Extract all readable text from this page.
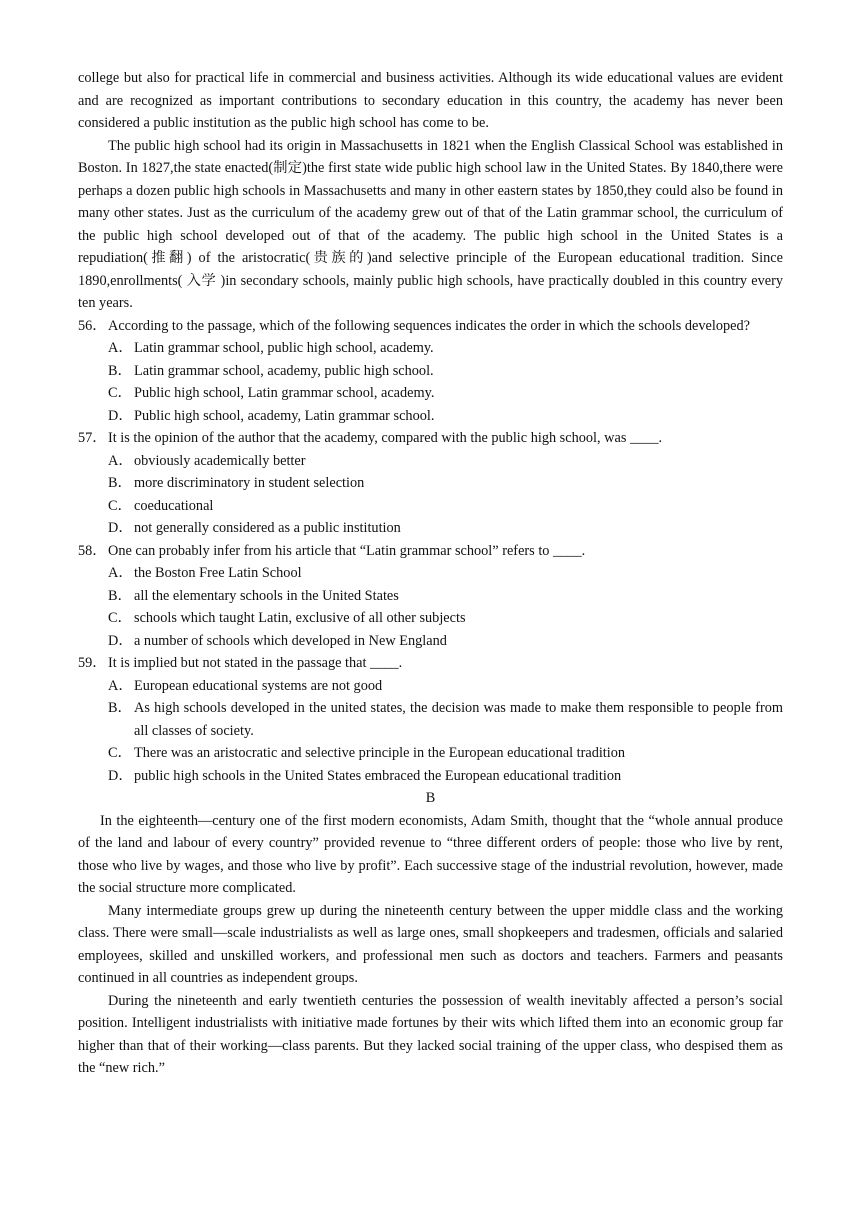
college but also for practical life in commercial and business activities. Although its wide educational values are evident and are recognized as important contributions to secondary education in this country, the academy has never been considered a public institution as the public high school has come to be.

The public high school had its origin in Massachusetts in 1821 when the English Classical School was established in Boston. In 1827,the state enacted(制定)the first state wide public high school law in the United States. By 1840,there were perhaps a dozen public high schools in Massachusetts and many in other eastern states by 1850,they could also be found in many other states. Just as the curriculum of the academy grew out of that of the Latin grammar school, the curriculum of the public high school developed out of that of the academy. The public high school in the United States is a repudiation(推翻) of the aristocratic(贵族的)and selective principle of the European educational tradition. Since 1890,enrollments( 入学 )in secondary schools, mainly public high schools, have practically doubled in this country every ten years.

56． According to the passage, which of the following sequences indicates the order in which the schools developed?
A． Latin grammar school, public high school, academy.
B． Latin grammar school, academy, public high school.
C． Public high school, Latin grammar school, academy.
D． Public high school, academy, Latin grammar school.
57． It is the opinion of the author that the academy, compared with the public high school, was ____.
A． obviously academically better
B． more discriminatory in student selection
C． coeducational
D． not generally considered as a public institution
58． One can probably infer from his article that “Latin grammar school” refers to ____.
A． the Boston Free Latin School
B． all the elementary schools in the United States
C． schools which taught Latin, exclusive of all other subjects
D． a number of schools which developed in New England
59． It is implied but not stated in the passage that ____.
A． European educational systems are not good
B． As high schools developed in the united states, the decision was made to make them responsible to people from all classes of society.
C． There was an aristocratic and selective principle in the European educational tradition
D． public high schools in the United States embraced the European educational tradition

B

In the eighteenth—century one of the first modern economists, Adam Smith, thought that the “whole annual produce of the land and labour of every country” provided revenue to “three different orders of people: those who live by rent, those who live by wages, and those who live by profit”. Each successive stage of the industrial revolution, however, made the social structure more complicated.

Many intermediate groups grew up during the nineteenth century between the upper middle class and the working class. There were small—scale industrialists as well as large ones, small shopkeepers and tradesmen, officials and salaried employees, skilled and unskilled workers, and professional men such as doctors and teachers. Farmers and peasants continued in all countries as independent groups.

During the nineteenth and early twentieth centuries the possession of wealth inevitably affected a person’s social position. Intelligent industrialists with initiative made fortunes by their wits which lifted them into an economic group far higher than that of their working—class parents. But they lacked social training of the upper class, who despised them as the “new rich.”
